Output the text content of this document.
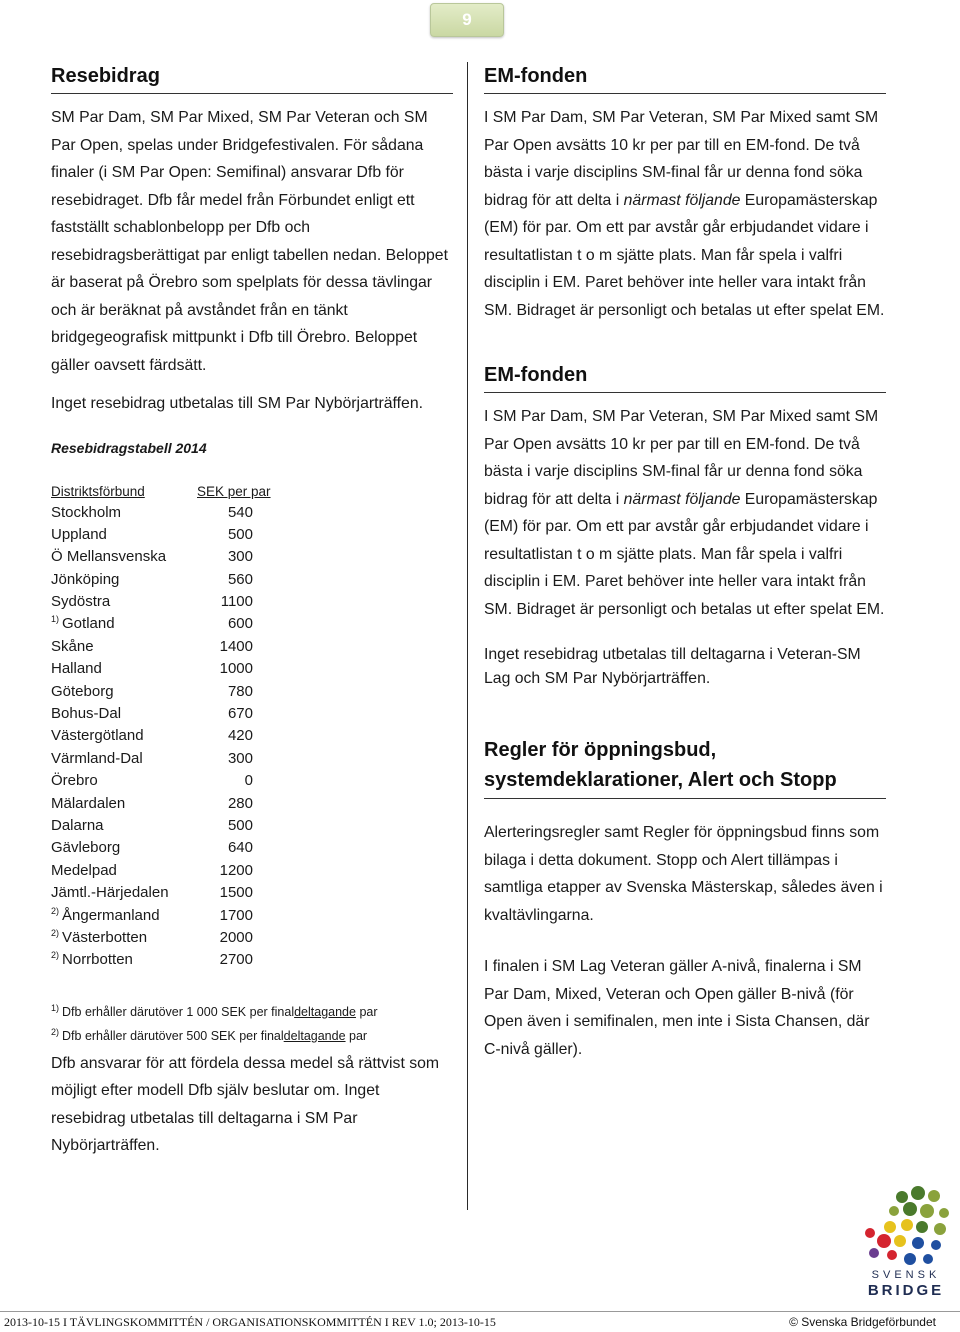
9
Resebidrag

SM Par Dam, SM Par Mixed, SM Par Veteran och SM Par Open, spelas under Bridgefestivalen. För sådana finaler (i SM Par Open: Semifinal) ansvarar Dfb för resebidraget. Dfb får medel från Förbundet enligt ett fastställt schablonbelopp per Dfb och resebidragsberättigat par enligt tabellen nedan. Beloppet är baserat på Örebro som spelplats för dessa tävlingar och är beräknat på avståndet från en tänkt bridgegeografisk mittpunkt i Dfb till Örebro. Beloppet gäller oavsett färdsätt.

Inget resebidrag utbetalas till SM Par Nybörjarträffen.

Resebidragstabell 2014
Distriktsförbund	SEK per par
Stockholm	540
Uppland	500
Ö Mellansvenska	300
Jönköping	560
Sydöstra	1100
$^{1)}$ Gotland	600
Skåne	1400
Halland	1000
Göteborg	780
Bohus-Dal	670
Västergötland	420
Värmland-Dal	300
Örebro	0
Mälardalen	280
Dalarna	500
Gävleborg	640
Medelpad	1200
Jämtl.-Härjedalen	1500
$^{2)}$ Ångermanland	1700
$^{2)}$ Västerbotten	2000
$^{2)}$ Norrbotten	2700
$^{1)}$ Dfb erhåller därutöver 1 000 SEK per finaldeltagande par
$^{2)}$ Dfb erhåller därutöver 500 SEK per finaldeltagande par

Dfb ansvarar för att fördela dessa medel så rättvist som möjligt efter modell Dfb själv beslutar om. Inget resebidrag utbetalas till deltagarna i SM Par Nybörjarträffen.

EM-fonden

I SM Par Dam, SM Par Veteran, SM Par Mixed samt SM Par Open avsätts 10 kr per par till en EM-fond. De två bästa i varje disciplins SM-final får ur denna fond söka bidrag för att delta i närmast följande Europamästerskap (EM) för par. Om ett par avstår går erbjudandet vidare i resultatlistan t o m sjätte plats. Man får spela i valfri disciplin i EM. Paret behöver inte heller vara intakt från SM. Bidraget är personligt och betalas ut efter spelat EM.

EM-fonden

I SM Par Dam, SM Par Veteran, SM Par Mixed samt SM Par Open avsätts 10 kr per par till en EM-fond. De två bästa i varje disciplins SM-final får ur denna fond söka bidrag för att delta i närmast följande Europamästerskap (EM) för par. Om ett par avstår går erbjudandet vidare i resultatlistan t o m sjätte plats. Man får spela i valfri disciplin i EM. Paret behöver inte heller vara intakt från SM. Bidraget är personligt och betalas ut efter spelat EM.

Inget resebidrag utbetalas till deltagarna i Veteran-SM Lag och SM Par Nybörjarträffen.

Regler för öppningsbud, systemdeklarationer, Alert och Stopp

Alerteringsregler samt Regler för öppningsbud finns som bilaga i detta dokument. Stopp och Alert tillämpas i samtliga etapper av Svenska Mästerskap, således även i kvaltävlingarna.

I finalen i SM Lag Veteran gäller A-nivå, finalerna i SM Par Dam, Mixed, Veteran och Open gäller B-nivå (för Open även i semifinalen, men inte i Sista Chansen, där C-nivå gäller).

SVENSK
BRIDGE
2013-10-15 I TÄVLINGSKOMMITTÉN / ORGANISATIONSKOMMITTÉN I REV 1.0; 2013-10-15	© Svenska Bridgeförbundet
